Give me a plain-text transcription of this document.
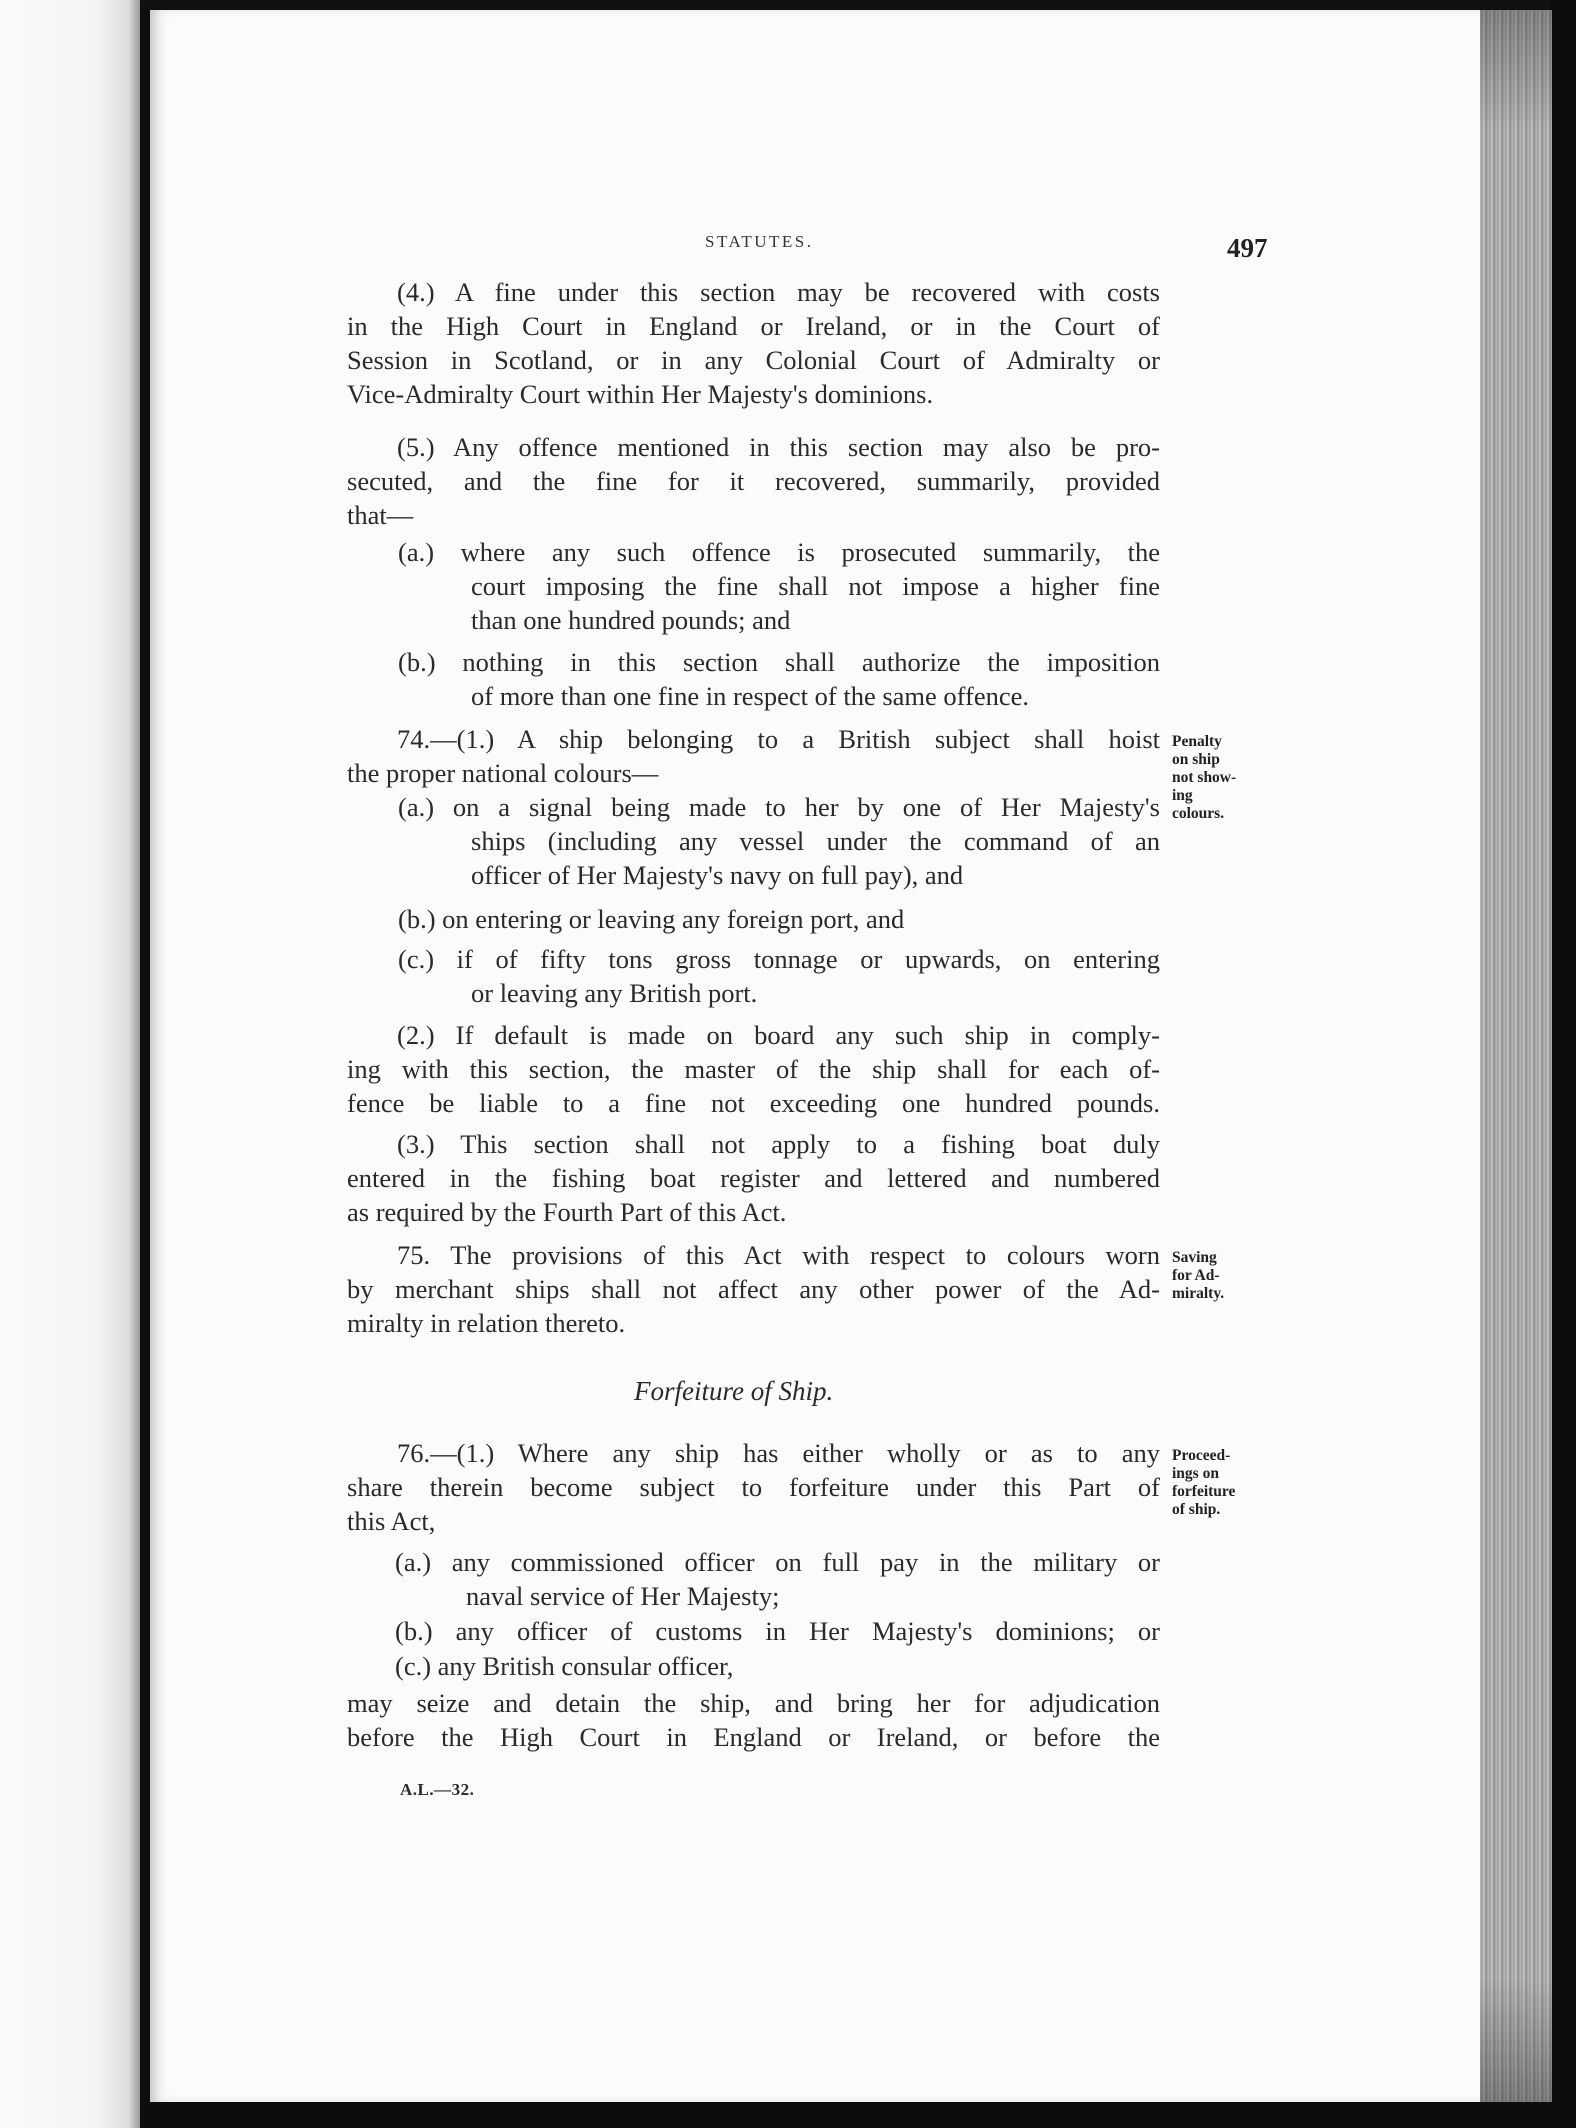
STATUTES.	497
(4.) A fine under this section may be recovered with costs
in the High Court in England or Ireland, or in the Court of
Session in Scotland, or in any Colonial Court of Admiralty or
Vice-Admiralty Court within Her Majesty's dominions.
(5.) Any offence mentioned in this section may also be pro-
secuted, and the fine for it recovered, summarily, provided
that—
(a.) where any such offence is prosecuted summarily, the
court imposing the fine shall not impose a higher fine
than one hundred pounds; and
(b.) nothing in this section shall authorize the imposition
of more than one fine in respect of the same offence.
74.—(1.) A ship belonging to a British subject shall hoist
the proper national colours—
(a.) on a signal being made to her by one of Her Majesty's
ships (including any vessel under the command of an
officer of Her Majesty's navy on full pay), and
(b.) on entering or leaving any foreign port, and
(c.) if of fifty tons gross tonnage or upwards, on entering
or leaving any British port.
(2.) If default is made on board any such ship in comply-
ing with this section, the master of the ship shall for each of-
fence be liable to a fine not exceeding one hundred pounds.
(3.) This section shall not apply to a fishing boat duly
entered in the fishing boat register and lettered and numbered
as required by the Fourth Part of this Act.
75. The provisions of this Act with respect to colours worn
by merchant ships shall not affect any other power of the Ad-
miralty in relation thereto.
Forfeiture of Ship.
76.—(1.) Where any ship has either wholly or as to any
share therein become subject to forfeiture under this Part of
this Act,
(a.) any commissioned officer on full pay in the military or
naval service of Her Majesty;
(b.) any officer of customs in Her Majesty's dominions; or
(c.) any British consular officer,
may seize and detain the ship, and bring her for adjudication
before the High Court in England or Ireland, or before the
Penalty
on ship
not show-
ing
colours.
Saving
for Ad-
miralty.
Proceed-
ings on
forfeiture
of ship.
A.L.—32.
